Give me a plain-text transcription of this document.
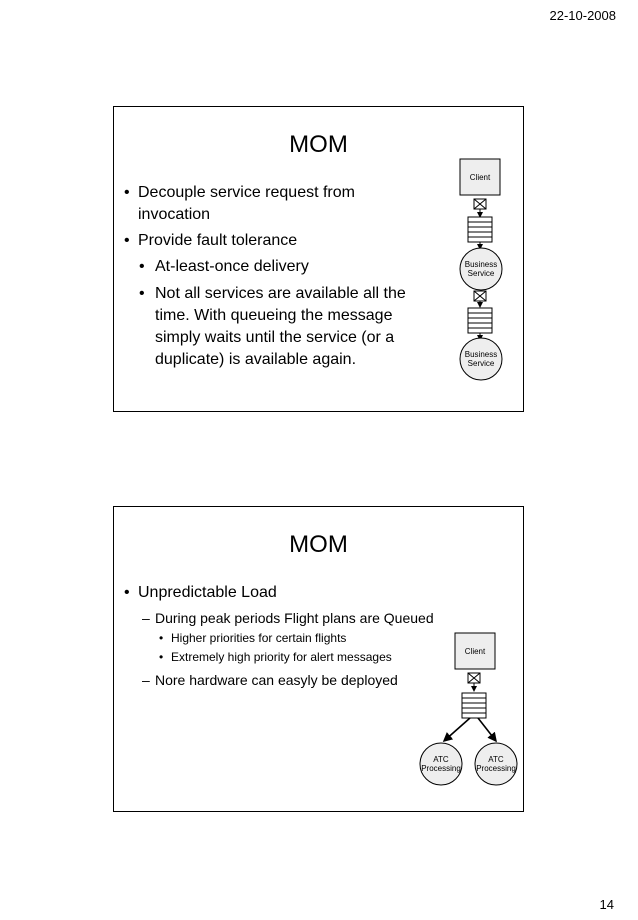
22-10-2008
MOM
• Decouple service request from
invocation
• Provide fault tolerance
• At-least-once delivery
• Not all services are available all the
time. With queueing the message
simply waits until the service (or a
duplicate) is available again.
Client
Business
Service
Business
Service
MOM
• Unpredictable Load
– During peak periods Flight plans are Queued
• Higher priorities for certain flights
• Extremely high priority for alert messages
– Nore hardware can easyly be deployed
Client
ATC
Processing
ATC
Processing
14
